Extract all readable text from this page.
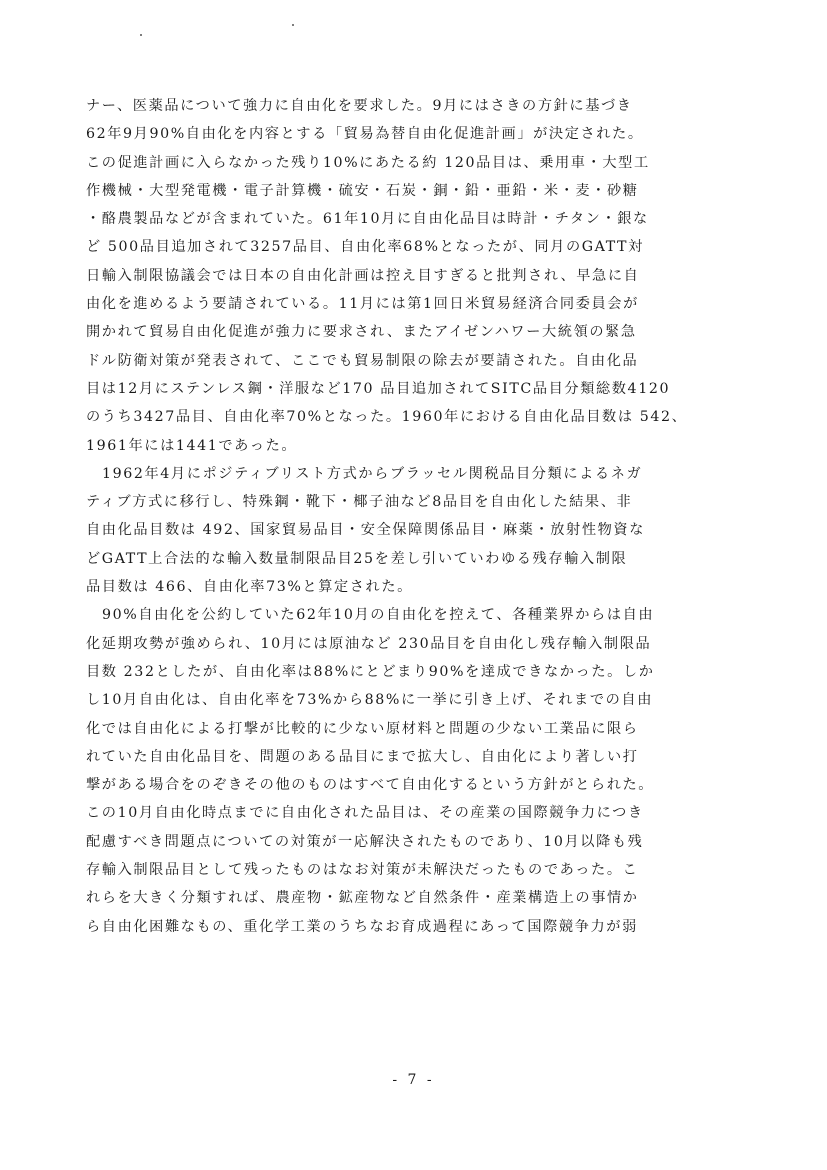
ナー、医薬品について強力に自由化を要求した。9月にはさきの方針に基づき
62年9月90%自由化を内容とする「貿易為替自由化促進計画」が決定された。
この促進計画に入らなかった残り10%にあたる約 120品目は、乗用車・大型工
作機械・大型発電機・電子計算機・硫安・石炭・銅・鉛・亜鉛・米・麦・砂糖
・酪農製品などが含まれていた。61年10月に自由化品目は時計・チタン・銀な
ど 500品目追加されて3257品目、自由化率68%となったが、同月のGATT対
日輸入制限協議会では日本の自由化計画は控え目すぎると批判され、早急に自
由化を進めるよう要請されている。11月には第1回日米貿易経済合同委員会が
開かれて貿易自由化促進が強力に要求され、またアイゼンハワー大統領の緊急
ドル防衛対策が発表されて、ここでも貿易制限の除去が要請された。自由化品
目は12月にステンレス鋼・洋服など170 品目追加されてSITC品目分類総数4120
のうち3427品目、自由化率70%となった。1960年における自由化品目数は 542、
1961年には1441であった。
1962年4月にポジティブリスト方式からブラッセル関税品目分類によるネガ
ティブ方式に移行し、特殊鋼・靴下・椰子油など8品目を自由化した結果、非
自由化品目数は 492、国家貿易品目・安全保障関係品目・麻薬・放射性物資な
どGATT上合法的な輸入数量制限品目25を差し引いていわゆる残存輸入制限
品目数は 466、自由化率73%と算定された。
90%自由化を公約していた62年10月の自由化を控えて、各種業界からは自由
化延期攻勢が強められ、10月には原油など 230品目を自由化し残存輸入制限品
目数 232としたが、自由化率は88%にとどまり90%を達成できなかった。しか
し10月自由化は、自由化率を73%から88%に一挙に引き上げ、それまでの自由
化では自由化による打撃が比較的に少ない原材料と問題の少ない工業品に限ら
れていた自由化品目を、問題のある品目にまで拡大し、自由化により著しい打
撃がある場合をのぞきその他のものはすべて自由化するという方針がとられた。
この10月自由化時点までに自由化された品目は、その産業の国際競争力につき
配慮すべき問題点についての対策が一応解決されたものであり、10月以降も残
存輸入制限品目として残ったものはなお対策が未解決だったものであった。こ
れらを大きく分類すれば、農産物・鉱産物など自然条件・産業構造上の事情か
ら自由化困難なもの、重化学工業のうちなお育成過程にあって国際競争力が弱
- 7 -
